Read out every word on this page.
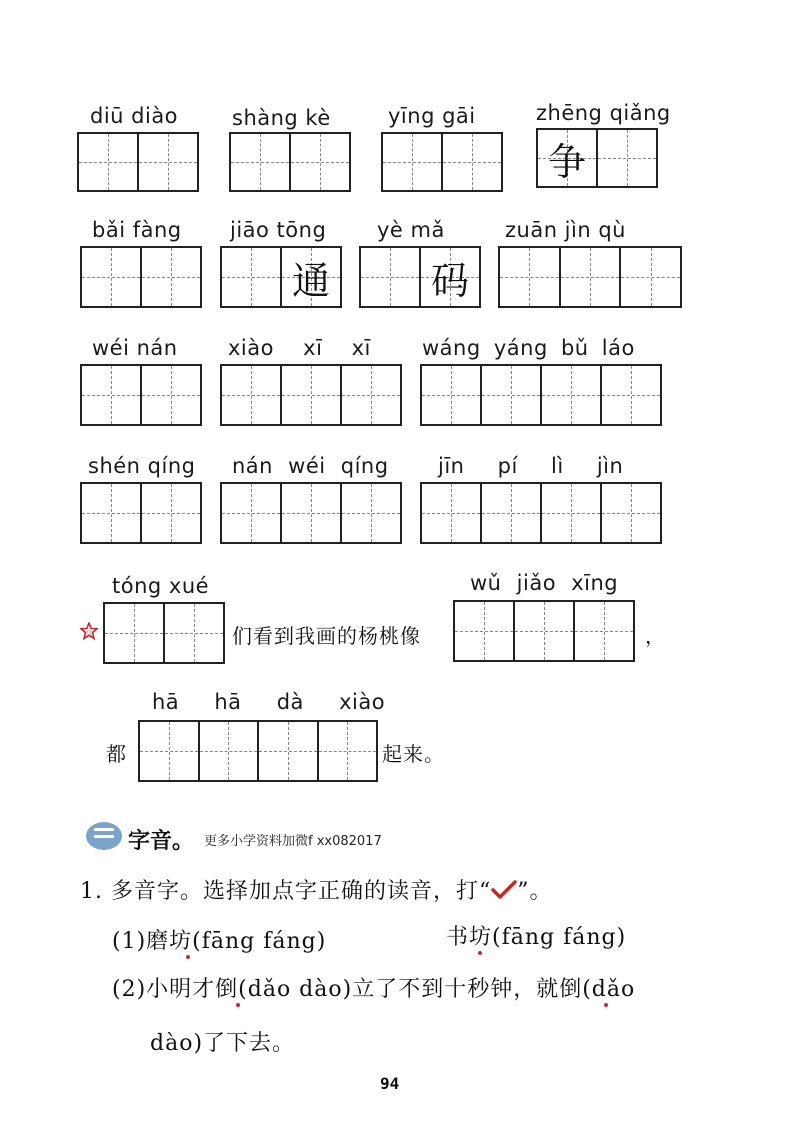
diū diào	shàng kè	yīng gāi	zhēng qiǎng
争
bǎi fàng jiāo tōng
通
yè mǎ
码
zuān jìn qù
wéi nán xiào xī xī wáng yáng bǔ láo
shén qíng nán wéi qíng jīn pí lì jìn
tóng xué
☆	们看到我画的杨桃像
wǔ jiǎo xīng
，
hā hā dà xiào
都	起来。
字音。 更多小学资料加微f xx082017
1. 多音字。选择加点字正确的读音，打“ ”。
(1)磨坊(fāng fáng)	书坊(fāng fáng)
(2)小明才倒(dǎo dào)立了不到十秒钟，就倒(dǎo
dào)了下去。
94
